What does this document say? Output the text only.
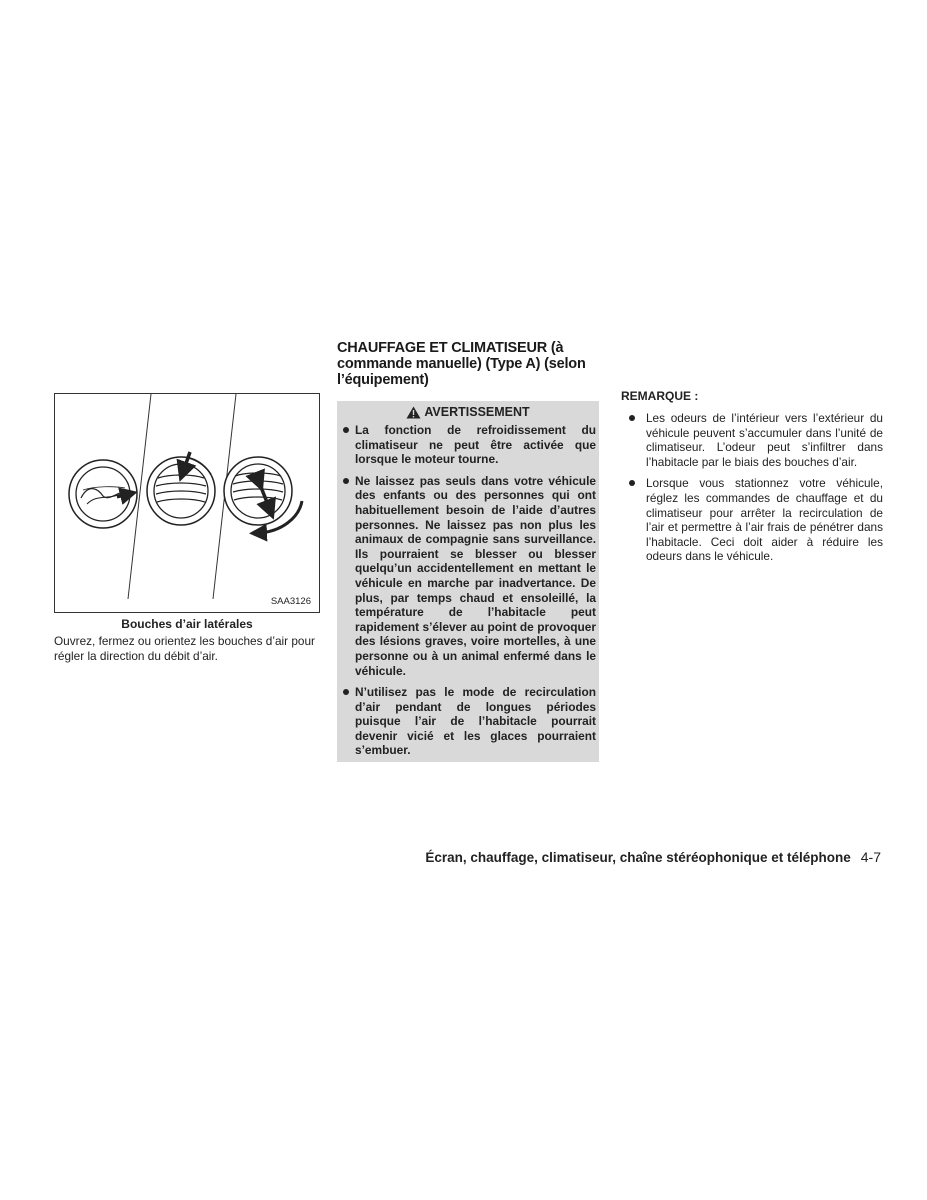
SAA3126
Bouches d’air latérales
Ouvrez, fermez ou orientez les bouches d’air pour régler la direction du débit d’air.
CHAUFFAGE ET CLIMATISEUR (à
commande manuelle) (Type A) (selon
l’équipement)
AVERTISSEMENT
La fonction de refroidissement du climatiseur ne peut être activée que lorsque le moteur tourne.
Ne laissez pas seuls dans votre véhicule des enfants ou des personnes qui ont habituellement besoin de l’aide d’autres personnes. Ne laissez pas non plus les animaux de compagnie sans surveillance. Ils pourraient se blesser ou blesser quelqu’un accidentellement en mettant le véhicule en marche par inadvertance. De plus, par temps chaud et ensoleillé, la température de l’habitacle peut rapidement s’élever au point de provoquer des lésions graves, voire mortelles, à une personne ou à un animal enfermé dans le véhicule.
N’utilisez pas le mode de recirculation d’air pendant de longues périodes puisque l’air de l’habitacle pourrait devenir vicié et les glaces pourraient s’embuer.

REMARQUE :

Les odeurs de l’intérieur vers l’extérieur du véhicule peuvent s’accumuler dans l’unité de climatiseur. L’odeur peut s’infiltrer dans l’habitacle par le biais des bouches d’air.
Lorsque vous stationnez votre véhicule, réglez les commandes de chauffage et du climatiseur pour arrêter la recirculation de l’air et permettre à l’air frais de pénétrer dans l’habitacle. Ceci doit aider à réduire les odeurs dans le véhicule.
Écran, chauffage, climatiseur, chaîne stéréophonique et téléphone 4-7
